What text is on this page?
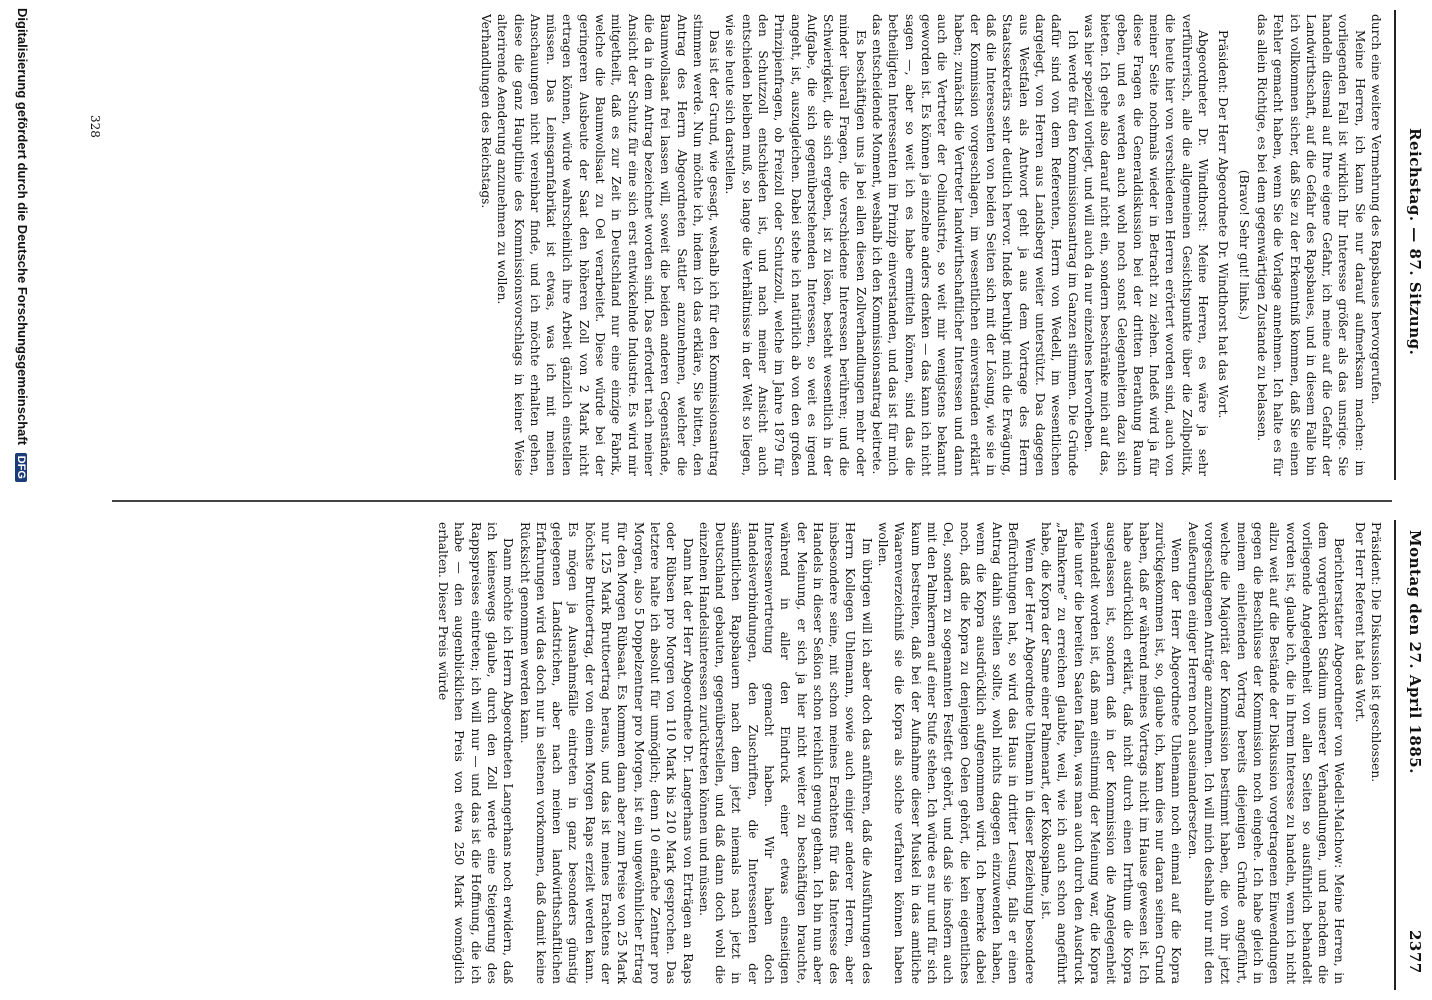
Reichstag. — 87. Sitzung.
Montag den 27. April 1885.
2377

durch eine weitere Vermehrung des Rapsbaues hervorgerufen.

Meine Herren, ich kann Sie nur darauf aufmerksam machen: im vorliegenden Fall ist wirklich Ihr Interesse größer als das unsrige. Sie handeln diesmal auf Ihre eigene Gefahr, ich meine auf die Gefahr der Landwirthschaft, auf die Gefahr des Rapsbaues, und in diesem Falle bin ich vollkommen sicher, daß Sie zu der Erkenntniß kommen, daß Sie einen Fehler gemacht haben, wenn Sie die Vorlage annehmen. Ich halte es für das allein Richtige, es bei dem gegenwärtigen Zustande zu belassen.

(Bravo! Sehr gut! links.)

Präsident: Der Herr Abgeordnete Dr. Windthorst hat das Wort.

Abgeordneter Dr. Windthorst: Meine Herren, es wäre ja sehr verführerisch, alle die allgemeinen Gesichtspunkte über die Zollpolitik, die heute hier von verschiedenen Herren erörtert worden sind, auch von meiner Seite nochmals wieder in Betracht zu ziehen. Indeß wird ja für diese Fragen die Generaldiskussion bei der dritten Berathung Raum geben, und es werden auch wohl noch sonst Gelegenheiten dazu sich bieten. Ich gehe also darauf nicht ein, sondern beschränke mich auf das, was hier speziell vorliegt, und will auch da nur einzelnes hervorheben.

Ich werde für den Kommissionsantrag im Ganzen stimmen. Die Gründe dafür sind von dem Referenten, Herrn von Wedell, im wesentlichen dargelegt, von Herren aus Landsberg weiter unterstützt. Das dagegen aus Westfalen als Antwort geht ja aus dem Vortrage des Herrn Staatssekretärs sehr deutlich hervor. Indeß beruhigt mich die Erwägung, daß die Interessenten von beiden Seiten sich mit der Lösung, wie sie in der Kommission vorgeschlagen, im wesentlichen einverstanden erklärt haben; zunächst die Vertreter landwirthschaftlicher Interessen und dann auch die Vertreter der Oelindustrie, so weit mir wenigstens bekannt geworden ist. Es können ja einzelne anders denken — das kann ich nicht sagen —, aber so weit ich es habe ermitteln können, sind das die betheiligten Interessenten im Prinzip einverstanden, und das ist für mich das entscheidende Moment, weshalb ich den Kommissionsantrag beitrete.

Es beschäftigen uns ja bei allen diesen Zollverhandlungen mehr oder minder überall Fragen, die verschiedene Interessen berühren; und die Schwierigkeit, die sich ergeben, ist zu lösen, besteht wesentlich in der Aufgabe, die sich gegenüberstehenden Interessen, so weit es irgend angeht, ist, auszugleichen. Dabei stehe ich natürlich ab von den großen Prinzipienfragen, ob Freizoll oder Schutzzoll, welche im Jahre 1879 für den Schutzzoll entschieden ist, und nach meiner Ansicht auch entschieden bleiben muß, so lange die Verhältnisse in der Welt so liegen, wie sie heute sich darstellen.

Das ist der Grund, wie gesagt, weshalb ich für den Kommissionsantrag stimmen werde. Nun möchte ich, indem ich das erkläre, Sie bitten, den Antrag des Herrn Abgeordneten Sattler anzunehmen, welcher die Baumwollsaat frei lassen will, soweit die beiden anderen Gegenstände, die da in dem Antrag bezeichnet worden sind. Das erfordert nach meiner Ansicht der Schutz für eine sich erst entwickelnde Industrie. Es wird mir mitgetheilt, daß es zur Zeit in Deutschland nur eine einzige Fabrik, welche die Baumwollsaat zu Oel verarbeitet. Diese würde bei der geringeren Ausbeute der Saat den höheren Zoll von 2 Mark nicht ertragen können, würde wahrscheinlich ihre Arbeit gänzlich einstellen müssen. Das Leinsgarnfabrikat ist etwas, was ich mit meinen Anschauungen nicht vereinbar finde, und ich möchte erhalten gehen, diese die ganz Hauptlinie des Kommissionsvorschlags in keiner Weise alterirende Aenderung anzunehmen zu wollen.

Verhandlungen des Reichstags.

Präsident: Die Diskussion ist geschlossen.

Der Herr Referent hat das Wort.

Berichterstatter Abgeordneter von Wedell-Malchow: Meine Herren, in dem vorgerückten Stadium unserer Verhandlungen, und nachdem die vorliegende Angelegenheit von allen Seiten so ausführlich behandelt worden ist, glaube ich, die in Ihrem Interesse zu handeln, wenn ich nicht allzu weit auf die Bestände der Diskussion vorgetragenen Einwendungen gegen die Beschlüsse der Kommission noch eingehe. Ich habe gleich in meinem einleitenden Vortrag bereits diejenigen Gründe angeführt, welche die Majorität der Kommission bestimmt haben, die von ihr jetzt vorgeschlagenen Anträge anzunehmen. Ich will mich deshalb nur mit den Aeußerungen einiger Herren noch auseinandersetzen.

Wenn der Herr Abgeordnete Uhlemann noch einmal auf die Kopra zurückgekommen ist, so, glaube ich, kann dies nur daran seinen Grund haben, daß er während meines Vortrags nicht im Hause gewesen ist. Ich habe ausdrücklich erklärt, daß nicht durch einen Irrthum die Kopra ausgelassen ist, sondern daß in der Kommission die Angelegenheit verhandelt worden ist, daß man einstimmig der Meinung war, die Kopra falle unter die bereiten Saaten fallen, was man auch durch den Ausdruck „Palmkerne“ zu erreichen glaubte, weil, wie ich auch schon angeführt habe, die Kopra der Same einer Palmenart, der Kokospalme, ist.

Wenn der Herr Abgeordnete Uhlemann in dieser Beziehung besondere Befürchtungen hat, so wird das Haus in dritter Lesung, falls er einen Antrag dahin stellen sollte, wohl nichts dagegen einzuwenden haben, wenn die Kopra ausdrücklich aufgenommen wird. Ich bemerke dabei noch, daß die Kopra zu denjenigen Oelen gehört, die kein eigentliches Oel, sondern zu sogenannten Festfett gehört, und daß sie insofern auch mit den Palmkernen auf einer Stufe stehen. Ich würde es nur und für sich kaum bestreiten, daß bei der Aufnahme dieser Muskel in das amtliche Waarenverzeichniß sie die Kopra als solche verfahren können haben wollen.

Im übrigen will ich aber doch das anführen, daß die Ausführungen des Herrn Kollegen Uhlemann, sowie auch einiger anderer Herren, aber insbesondere seine, mit schon meines Erachtens für das Interesse des Handels in dieser Seßion schon reichlich genug gethan. Ich bin nun aber der Meinung, er sich ja hier nicht weiter zu beschäftigen brauchte, während in aller den Eindruck einer etwas einseitigen Interessenvertretung gemacht haben. Wir haben doch Handelsverbindungen, den Zuschriften, die Interessenten der sämmtlichen Rapsbauern nach dem jetzt niemals nach jetzt in Deutschland gebauten, gegenüberstellen, und daß dann doch wohl die einzelnen Handelsinteressen zurücktreten können und müssen.

Dann hat der Herr Abgeordnete Dr. Langerhans von Erträgen an Raps oder Rübsen pro Morgen von 110 Mark bis 210 Mark gesprochen. Das letztere halte ich absolut für unmöglich; denn 10 einfache Zentner pro Morgen, also 5 Doppelzentner pro Morgen, ist ein ungewöhnlicher Ertrag für den Morgen Rübsaat. Es kommen dann aber zum Preise von 25 Mark nur 125 Mark Bruttoertrag heraus, und das ist meines Erachtens der höchste Bruttoertrag, der von einem Morgen Raps erzielt werden kann. Es mögen ja Ausnahmsfälle eintreten in ganz besonders günstig gelegenen Landstrichen, aber nach meinen landwirthschaftlichen Erfahrungen wird das doch nur in seltenen vorkommen, daß damit keine Rücksicht genommen werden kann.

Dann möchte ich Herrn Abgeordneten Langerhans noch erwidern, daß ich keineswegs glaube, durch den Zoll werde eine Steigerung des Rappspreises eintreten; ich will nur — und das ist die Hoffnung, die ich habe — den augenblicklichen Preis von etwa 250 Mark womöglich erhalten. Dieser Preis würde

328
Digitalisierung gefördert durch die Deutsche Forschungsgemeinschaft DFG
